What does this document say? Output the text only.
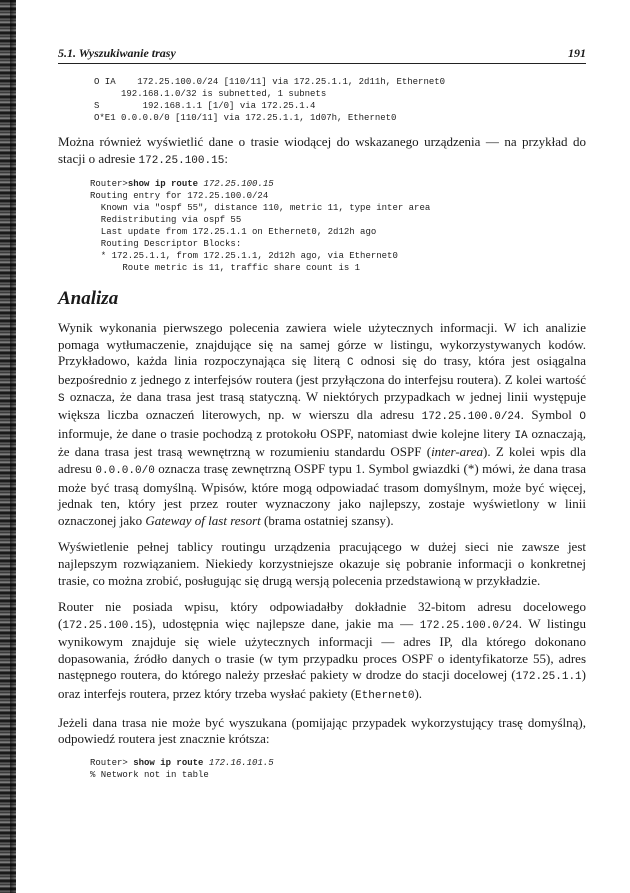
5.1. Wyszukiwanie trasy	191
O IA    172.25.100.0/24 [110/11] via 172.25.1.1, 2d11h, Ethernet0
192.168.1.0/32 is subnetted, 1 subnets
S        192.168.1.1 [1/0] via 172.25.1.4
O*E1 0.0.0.0/0 [110/11] via 172.25.1.1, 1d07h, Ethernet0

Można również wyświetlić dane o trasie wiodącej do wskazanego urządzenia — na przykład do stacji o adresie 172.25.100.15:

Router>show ip route 172.25.100.15
Routing entry for 172.25.100.0/24
Known via "ospf 55", distance 110, metric 11, type inter area
Redistributing via ospf 55
Last update from 172.25.1.1 on Ethernet0, 2d12h ago
Routing Descriptor Blocks:
* 172.25.1.1, from 172.25.1.1, 2d12h ago, via Ethernet0
Route metric is 11, traffic share count is 1
Analiza

Wynik wykonania pierwszego polecenia zawiera wiele użytecznych informacji. W ich analizie pomaga wytłumaczenie, znajdujące się na samej górze w listingu, wykorzystywanych kodów. Przykładowo, każda linia rozpoczynająca się literą C odnosi się do trasy, która jest osiągalna bezpośrednio z jednego z interfejsów routera (jest przyłączona do interfejsu routera). Z kolei wartość S oznacza, że dana trasa jest trasą statyczną. W niektórych przypadkach w jednej linii występuje większa liczba oznaczeń literowych, np. w wierszu dla adresu 172.25.100.0/24. Symbol O informuje, że dane o trasie pochodzą z protokołu OSPF, natomiast dwie kolejne litery IA oznaczają, że dana trasa jest trasą wewnętrzną w rozumieniu standardu OSPF (inter-area). Z kolei wpis dla adresu 0.0.0.0/0 oznacza trasę zewnętrzną OSPF typu 1. Symbol gwiazdki (*) mówi, że dana trasa może być trasą domyślną. Wpisów, które mogą odpowiadać trasom domyślnym, może być więcej, jednak ten, który jest przez router wyznaczony jako najlepszy, zostaje wyświetlony w linii oznaczonej jako Gateway of last resort (brama ostatniej szansy).

Wyświetlenie pełnej tablicy routingu urządzenia pracującego w dużej sieci nie zawsze jest najlepszym rozwiązaniem. Niekiedy korzystniejsze okazuje się pobranie informacji o konkretnej trasie, co można zrobić, posługując się drugą wersją polecenia przedstawioną w przykładzie.

Router nie posiada wpisu, który odpowiadałby dokładnie 32-bitom adresu docelowego (172.25.100.15), udostępnia więc najlepsze dane, jakie ma — 172.25.100.0/24. W listingu wynikowym znajduje się wiele użytecznych informacji — adres IP, dla którego dokonano dopasowania, źródło danych o trasie (w tym przypadku proces OSPF o identyfikatorze 55), adres następnego routera, do którego należy przesłać pakiety w drodze do stacji docelowej (172.25.1.1) oraz interfejs routera, przez który trzeba wysłać pakiety (Ethernet0).

Jeżeli dana trasa nie może być wyszukana (pomijając przypadek wykorzystujący trasę domyślną), odpowiedź routera jest znacznie krótsza:

Router> show ip route 172.16.101.5
% Network not in table
